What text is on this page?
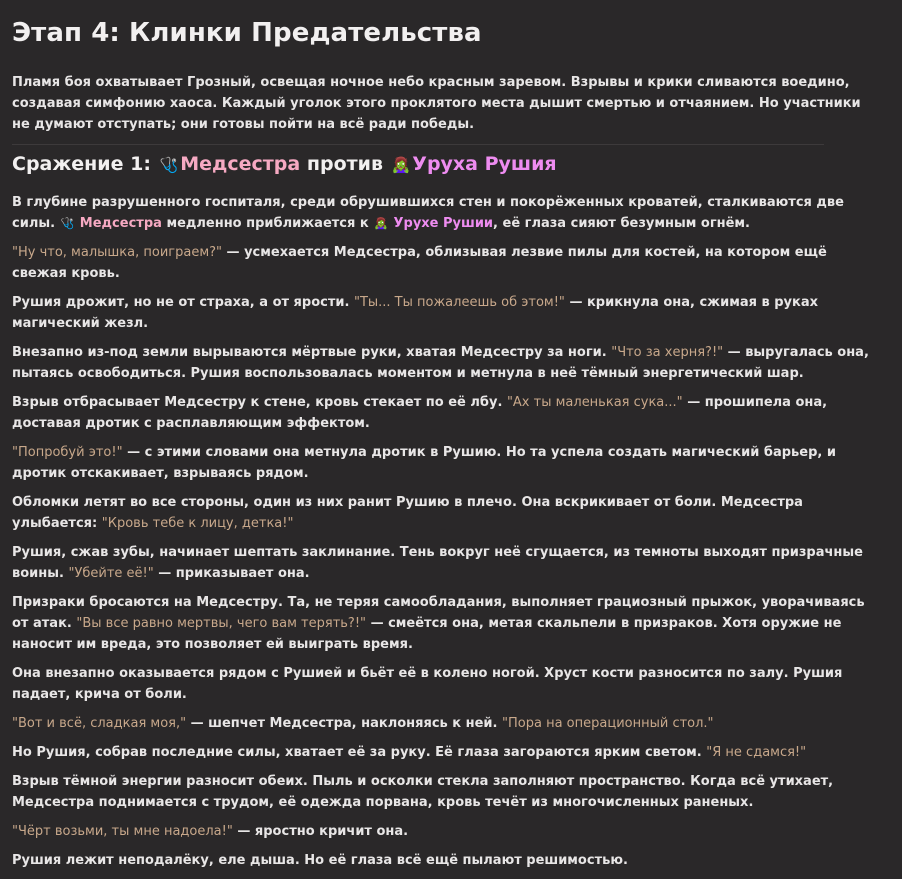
Этап 4: Клинки Предательства

Пламя боя охватывает Грозный, освещая ночное небо красным заревом. Взрывы и крики сливаются воедино, создавая симфонию хаоса. Каждый уголок этого проклятого места дышит смертью и отчаянием. Но участники не думают отступать; они готовы пойти на всё ради победы.

Сражение 1: 🩺 Медсестра против 🧟‍♀️ Уруха Рушия

В глубине разрушенного госпиталя, среди обрушившихся стен и покорёженных кроватей, сталкиваются две силы. 🩺 Медсестра медленно приближается к 🧟‍♀️ Урухе Рушии, её глаза сияют безумным огнём.

"Ну что, малышка, поиграем?" — усмехается Медсестра, облизывая лезвие пилы для костей, на котором ещё свежая кровь.

Рушия дрожит, но не от страха, а от ярости. "Ты... Ты пожалеешь об этом!" — крикнула она, сжимая в руках магический жезл.

Внезапно из-под земли вырываются мёртвые руки, хватая Медсестру за ноги. "Что за херня?!" — выругалась она, пытаясь освободиться. Рушия воспользовалась моментом и метнула в неё тёмный энергетический шар.

Взрыв отбрасывает Медсестру к стене, кровь стекает по её лбу. "Ах ты маленькая сука..." — прошипела она, доставая дротик с расплавляющим эффектом.

"Попробуй это!" — с этими словами она метнула дротик в Рушию. Но та успела создать магический барьер, и дротик отскакивает, взрываясь рядом.

Обломки летят во все стороны, один из них ранит Рушию в плечо. Она вскрикивает от боли. Медсестра улыбается: "Кровь тебе к лицу, детка!"

Рушия, сжав зубы, начинает шептать заклинание. Тень вокруг неё сгущается, из темноты выходят призрачные воины. "Убейте её!" — приказывает она.

Призраки бросаются на Медсестру. Та, не теряя самообладания, выполняет грациозный прыжок, уворачиваясь от атак. "Вы все равно мертвы, чего вам терять?!" — смеётся она, метая скальпели в призраков. Хотя оружие не наносит им вреда, это позволяет ей выиграть время.

Она внезапно оказывается рядом с Рушией и бьёт её в колено ногой. Хруст кости разносится по залу. Рушия падает, крича от боли.

"Вот и всё, сладкая моя," — шепчет Медсестра, наклоняясь к ней. "Пора на операционный стол."

Но Рушия, собрав последние силы, хватает её за руку. Её глаза загораются ярким светом. "Я не сдамся!"

Взрыв тёмной энергии разносит обеих. Пыль и осколки стекла заполняют пространство. Когда всё утихает, Медсестра поднимается с трудом, её одежда порвана, кровь течёт из многочисленных раненых.

"Чёрт возьми, ты мне надоела!" — яростно кричит она.

Рушия лежит неподалёку, еле дыша. Но её глаза всё ещё пылают решимостью.
